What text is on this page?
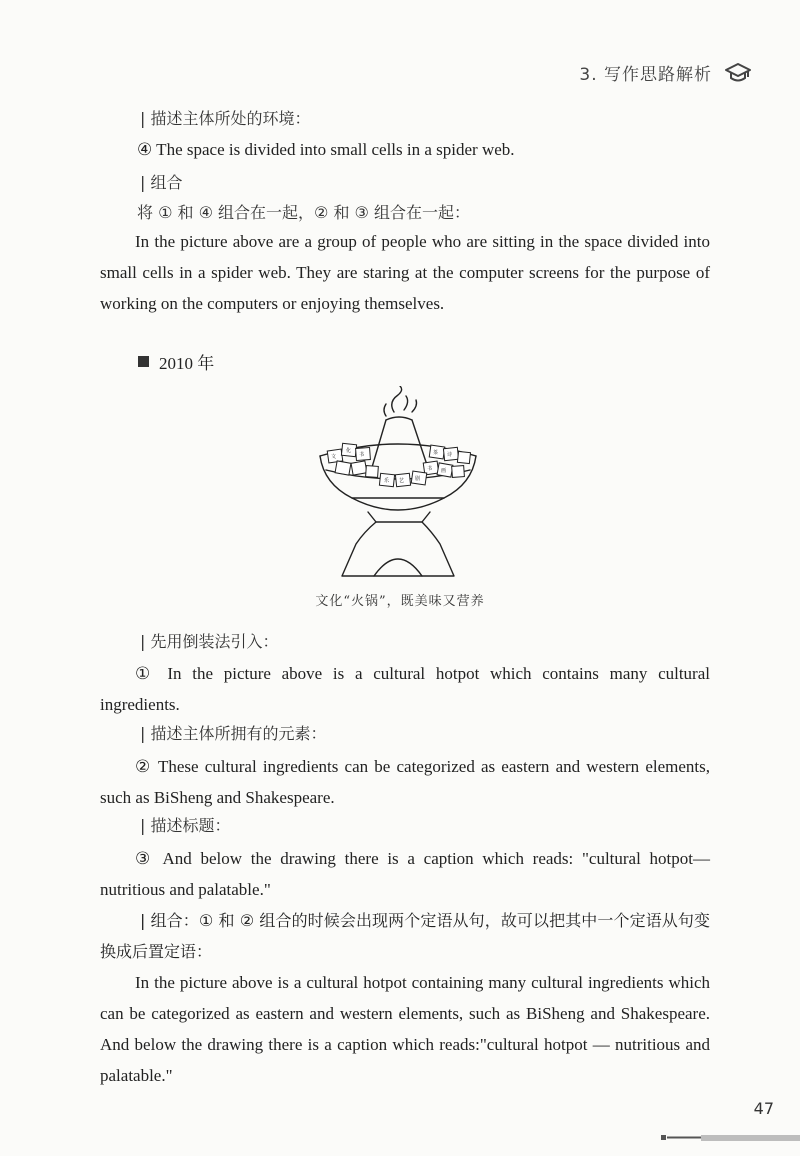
3. 写作思路解析
| 描述主体所处的环境：
④ The space is divided into small cells in a spider web.
| 组合
将 ① 和 ④ 组合在一起，② 和 ③ 组合在一起：
In the picture above are a group of people who are sitting in the space divided into small cells in a spider web. They are staring at the computer screens for the purpose of working on the computers or enjoying themselves.
2010 年
文
化
书	茶 诗
书 画
乐 艺 剧
文化“火锅”，既美味又营养
| 先用倒装法引入：
① In the picture above is a cultural hotpot which contains many cultural ingredients.
| 描述主体所拥有的元素：
② These cultural ingredients can be categorized as eastern and western elements, such as BiSheng and Shakespeare.
| 描述标题：
③ And below the drawing there is a caption which reads: "cultural hotpot— nutritious and palatable."
| 组合：① 和 ② 组合的时候会出现两个定语从句，故可以把其中一个定语从句变换成后置定语：
In the picture above is a cultural hotpot containing many cultural ingredients which can be categorized as eastern and western elements, such as BiSheng and Shakespeare. And below the drawing there is a caption which reads:"cultural hotpot — nutritious and palatable."
47
